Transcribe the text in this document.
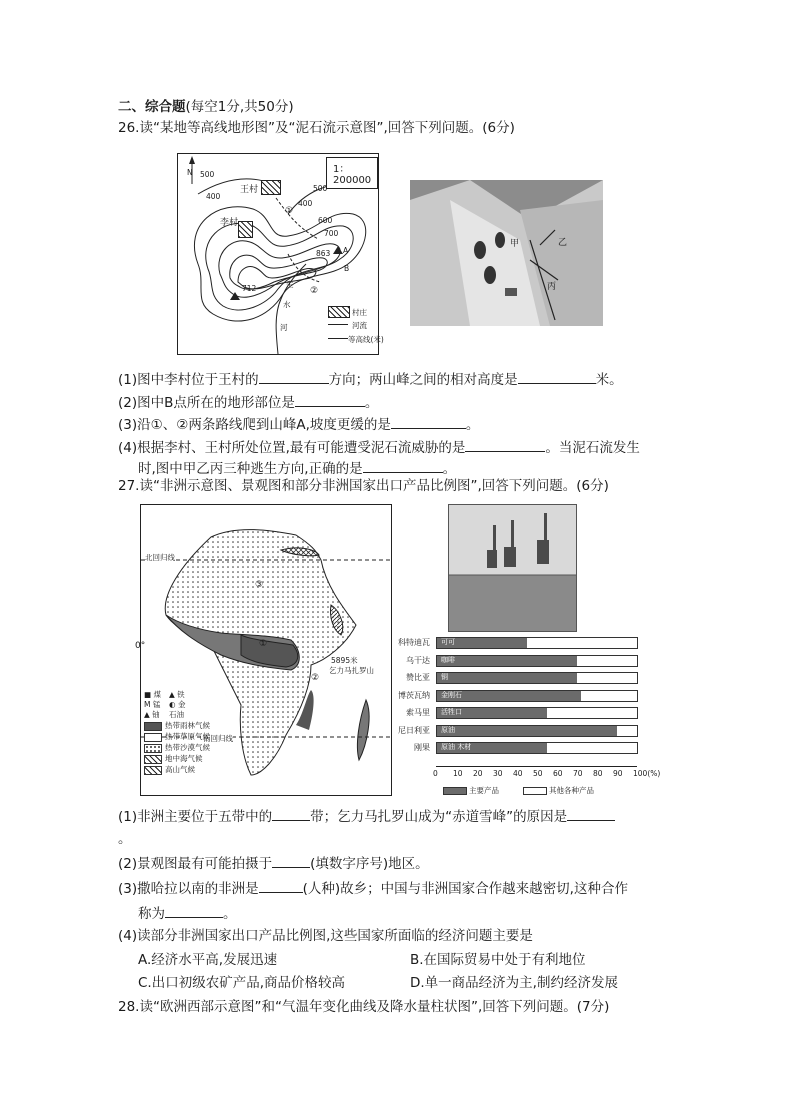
二、综合题(每空1分,共50分)
26.读“某地等高线地形图”及“泥石流示意图”,回答下列问题。(6分)
N	1：200000
500
400
600
700
400
500
王村
李村
863 A
B
712
①
②
生
水
河
村庄
河流
等高线(米)
甲	乙
丙
(1)图中李村位于王村的	方向；两山峰之间的相对高度是	米。
(2)图中B点所在的地形部位是	。
(3)沿①、②两条路线爬到山峰A,坡度更缓的是	。
(4)根据李村、王村所处位置,最有可能遭受泥石流威胁的是	。当泥石流发生
时,图中甲乙丙三种逃生方向,正确的是	。
27.读“非洲示意图、景观图和部分非洲国家出口产品比例图”,回答下列问题。(6分)
北回归线
南回归线
0°	①
②
③
5895米
乞力马扎罗山
■ 煤 ▲ 铁
M 锰 ◐ 金
▲ 铀 石油
热带雨林气候
热带草原气候
热带沙漠气候
地中海气候
高山气候
科特迪瓦 可可
乌干达 咖啡
赞比亚 铜
博茨瓦纳 金刚石
索马里 活牲口
尼日利亚 原油
刚果 原油 木材
0 10 20 30 40 50 60 70 80 90 100(%)
主要产品	其他各种产品
(1)非洲主要位于五带中的	带；乞力马扎罗山成为“赤道雪峰”的原因是
。
(2)景观图最有可能拍摄于	(填数字序号)地区。
(3)撒哈拉以南的非洲是	(人种)故乡；中国与非洲国家合作越来越密切,这种合作
称为	。
(4)读部分非洲国家出口产品比例图,这些国家所面临的经济问题主要是
A.经济水平高,发展迅速	B.在国际贸易中处于有利地位
C.出口初级农矿产品,商品价格较高	D.单一商品经济为主,制约经济发展
28.读“欧洲西部示意图”和“气温年变化曲线及降水量柱状图”,回答下列问题。(7分)
